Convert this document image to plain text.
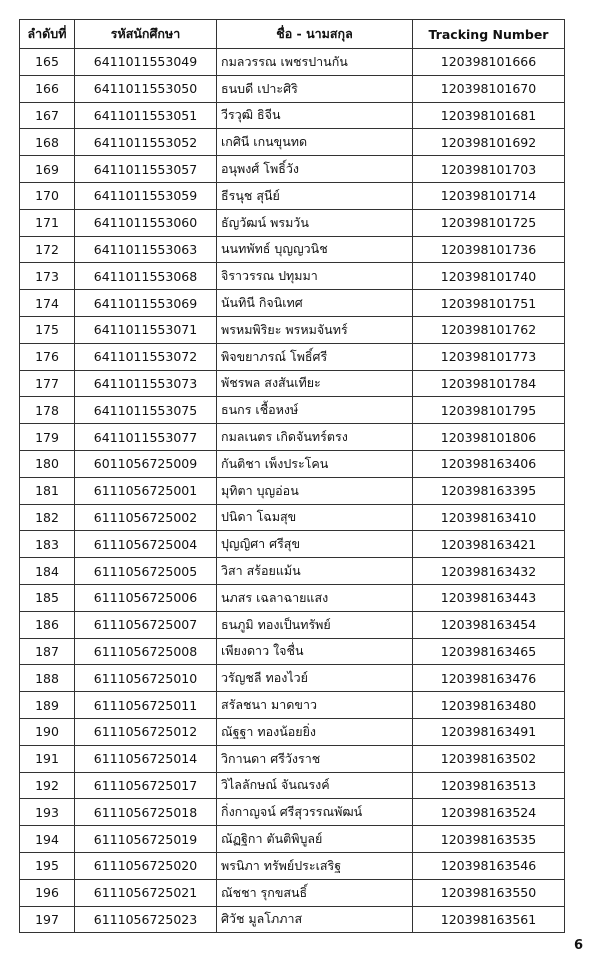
ลำดับที่	รหัสนักศึกษา	ชื่อ - นามสกุล	Tracking Number
165	6411011553049	กมลวรรณ เพชรปานกัน	120398101666
166	6411011553050	ธนบดี เปาะศิริ	120398101670
167	6411011553051	วีรวุฒิ ธิจีน	120398101681
168	6411011553052	เกศินี เกนขุนทด	120398101692
169	6411011553057	อนุพงศ์ โพธิ์วัง	120398101703
170	6411011553059	ธีรนุช สุนีย์	120398101714
171	6411011553060	ธัญวัฒน์ พรมวัน	120398101725
172	6411011553063	นนทพัทธ์ บุญญวนิช	120398101736
173	6411011553068	จิราวรรณ ปทุมมา	120398101740
174	6411011553069	นันทินี กิจนิเทศ	120398101751
175	6411011553071	พรหมพิริยะ พรหมจันทร์	120398101762
176	6411011553072	พิจขยาภรณ์ โพธิ์ศรี	120398101773
177	6411011553073	พัชรพล สงสันเทียะ	120398101784
178	6411011553075	ธนกร เชื้อหงษ์	120398101795
179	6411011553077	กมลเนตร เกิดจันทร์ตรง	120398101806
180	6011056725009	กันติชา เพ็งประโคน	120398163406
181	6111056725001	มุทิตา บุญอ่อน	120398163395
182	6111056725002	ปนิดา โฉมสุข	120398163410
183	6111056725004	ปุญญิศา ศรีสุข	120398163421
184	6111056725005	วิสา สร้อยแม้น	120398163432
185	6111056725006	นภสร เฉลาฉายแสง	120398163443
186	6111056725007	ธนภูมิ ทองเป็นทรัพย์	120398163454
187	6111056725008	เพียงดาว ใจชื่น	120398163465
188	6111056725010	วรัญชลี ทองไวย์	120398163476
189	6111056725011	สรัลชนา มาดขาว	120398163480
190	6111056725012	ณัฐฐา ทองน้อยยิ่ง	120398163491
191	6111056725014	วิกานดา ศรีวังราช	120398163502
192	6111056725017	วิไลลักษณ์ จันณรงค์	120398163513
193	6111056725018	กิ่งกาญจน์ ศรีสุวรรณพัฒน์	120398163524
194	6111056725019	ณัฏฐิกา ตันติพิบูลย์	120398163535
195	6111056725020	พรนิภา ทรัพย์ประเสริฐ	120398163546
196	6111056725021	ณัชชา รุกขสนธิ์	120398163550
197	6111056725023	ศิวัช มูลโภภาส	120398163561
6
